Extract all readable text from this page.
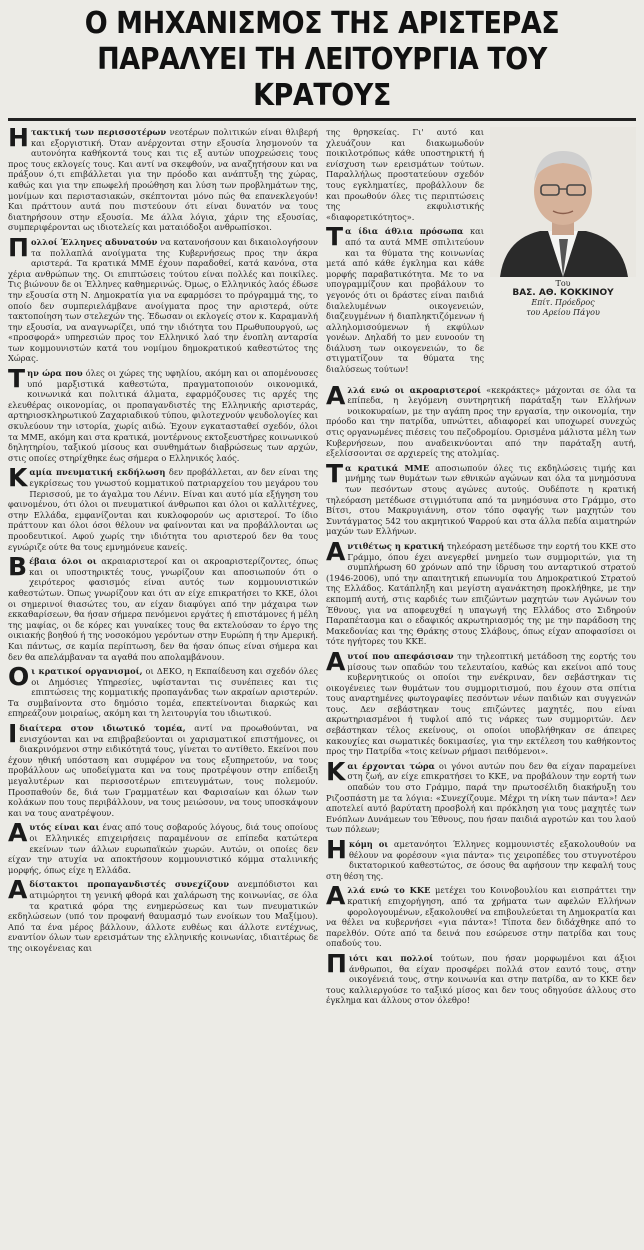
Ο ΜΗΧΑΝΙΣΜΟΣ ΤΗΣ ΑΡΙΣΤΕΡΑΣ
ΠΑΡΑΛΥΕΙ ΤΗ ΛΕΙΤΟΥΡΓΙΑ ΤΟΥ ΚΡΑΤΟΥΣ

Ητακτική των περισσοτέρων νεοτέρων πολιτικών είναι θλιβερή και εξοργιστική. Όταν ανέρχονται στην εξουσία λησμονούν τα αυτονόητα καθήκοντά τους και τις εξ αυτών υποχρεώσεις τους προς τους εκλογείς τους. Και αντί να σκεφθούν, να αναζητήσουν και να πράξουν ό,τι επιβάλλεται για την πρόοδο και ανάπτυξη της χώρας, καθώς και για την επωφελή προώθηση και λύση των προβλημάτων της, μονίμων και περιστασιακών, σκέπτονται μόνο πώς θα επανεκλεγούν! Και πράττουν αυτά που πιστεύουν ότι είναι δυνατόν να τους διατηρήσουν στην εξουσία. Με άλλα λόγια, χάριν της εξουσίας, συμπεριφέρονται ως ιδιοτελείς και ματαιόδοξοι ανθρωπίσκοι.

Πολλοί Έλληνες αδυνατούν να κατανοήσουν και δικαιολογήσουν τα πολλαπλά ανοίγματα της Κυβερνήσεως προς την άκρα αριστερά. Τα κρατικά ΜΜΕ έχουν παραδοθεί, κατά κανόνα, στα χέρια ανθρώπων της. Οι επιπτώσεις τούτου είναι πολλές και ποικίλες. Τις βιώνουν δε οι Έλληνες καθημερινώς. Όμως, ο Ελληνικός λαός έδωσε την εξουσία στη Ν. Δημοκρατία για να εφαρμόσει το πρόγραμμά της, το οποίο δεν συμπεριελάμβανε ανοίγματα προς την αριστερά, ούτε τακτοποίηση των στελεχών της. Έδωσαν οι εκλογείς στον κ. Καραμανλή την εξουσία, να αναγνωρίζει, υπό την ιδιότητα του Πρωθυπουργού, ως «προσφορά» υπηρεσιών προς τον Ελληνικό λαό την ένοπλη ανταρσία των κομμουνιστών κατά του νομίμου δημοκρατικού καθεστώτος της Χώρας.

Την ώρα που όλες οι χώρες της υφηλίου, ακόμη και οι απομένουσες υπό μαρξιστικά καθεστώτα, πραγματοποιούν οικονομικά, κοινωνικά και πολιτικά άλματα, εφαρμόζουσες τις αρχές της ελευθέρας οικονομίας, οι προπαγανδιστές της Ελληνικής αριστεράς, αρτηριοσκληρωτικού Ζαχαριαδικού τύπου, φιλοτεχνούν ψευδολογίες και σκυλεύουν την ιστορία, χωρίς αιδώ. Έχουν εγκατασταθεί σχεδόν, όλοι τα ΜΜΕ, ακόμη και στα κρατικά, μοντέρνους εκτοξευστήρες κοινωνικού δηλητηρίου, ταξικού μίσους και συνθημάτων διαβρώσεως των αρχών, στις οποίες στηρίχθηκε έως σήμερα ο Ελληνικός λαός.

Καμία πνευματική εκδήλωση δεν προβάλλεται, αν δεν είναι της εγκρίσεως του γνωστού κομματικού πατριαρχείου του μεγάρου του Περισσού, με το άγαλμα του Λένιν. Είναι και αυτό μία εξήγηση του φαινομένου, ότι όλοι οι πνευματικοί άνθρωποι και όλοι οι καλλιτέχνες, στην Ελλάδα, εμφανίζονται και κυκλοφορούν ως αριστεροί. Το ίδιο πράττουν και όλοι όσοι θέλουν να φαίνονται και να προβάλλονται ως προοδευτικοί. Αφού χωρίς την ιδιότητα του αριστερού δεν θα τους εγνώριζε ούτε θα τους εμνημόνευε κανείς.

Βέβαια όλοι οι ακραιαριστεροί και οι ακροαριστερίζοντες, όπως και οι υποστηρικτές τους, γνωρίζουν και αποσιωπούν ότι ο χειρότερος φασισμός είναι αυτός των κομμουνιστικών καθεστώτων. Όπως γνωρίζουν και ότι αν είχε επικρατήσει το ΚΚΕ, όλοι οι σημερινοί θιασώτες του, αν είχαν διαφύγει από την μάχαιρα των εκκαθαρίσεων, θα ήσαν σήμερα πενόμενοι εργάτες ή επιστάμονες ή μέλη της μαφίας, οι δε κόρες και γυναίκες τους θα εκτελούσαν το έργο της οικιακής βοηθού ή της νοσοκόμου γερόντων στην Ευρώπη ή την Αμερική. Και πάντως, σε καμία περίπτωση, δεν θα ήσαν όπως είναι σήμερα και δεν θα απελάμβαναν τα αγαθά που απολαμβάνουν.

Οι κρατικοί οργανισμοί, οι ΔΕΚΟ, η Εκπαίδευση και σχεδόν όλες οι Δημόσιες Υπηρεσίες, υφίστανται τις συνέπειες και τις επιπτώσεις της κομματικής προπαγάνδας των ακραίων αριστερών. Τα συμβαίνοντα στο δημόσιο τομέα, επεκτείνονται διαρκώς και επηρεάζουν μοιραίως, ακόμη και τη λειτουργία του ιδιωτικού.

Ιδιαίτερα στον ιδιωτικό τομέα, αντί να προωθούνται, να ενισχύονται και να επιβραβεύονται οι χαρισματικοί επιστήμονες, οι διακρινόμενοι στην ειδικότητά τους, γίνεται το αντίθετο. Εκείνοι που έχουν ηθική υπόσταση και συμφέρον να τους εξυπηρετούν, να τους προβάλλουν ως υποδείγματα και να τους προτρέψουν στην επίδειξη μεγαλυτέρων και περισσοτέρων επιτευγμάτων, τους πολεμούν. Προσπαθούν δε, διά των Γραμματέων και Φαρισαίων και όλων των κολάκων που τους περιβάλλουν, να τους μειώσουν, να τους υποσκάψουν και να τους ανατρέψουν.

Αυτός είναι και ένας από τους σοβαρούς λόγους, διά τους οποίους οι Ελληνικές επιχειρήσεις παραμένουν σε επίπεδα κατώτερα εκείνων των άλλων ευρωπαϊκών χωρών. Αυτών, οι οποίες δεν είχαν την ατυχία να αποκτήσουν κομμουνιστικό κόμμα σταλινικής μορφής, όπως είχε η Ελλάδα.

Αδίστακτοι προπαγανδιστές συνεχίζουν ανεμπόδιστοι και ατιμώρητοι τη γενική φθορά και χαλάρωση της κοινωνίας, σε όλα τα κρατικά φόρα της ενημερώσεως και των πνευματικών εκδηλώσεων (υπό τον προφανή θαυμασμό των ενοίκων του Μαξίμου). Από τα ένα μέρος βάλλουν, άλλοτε ευθέως και άλλοτε εντέχνως, εναντίον όλων των ερεισμάτων της ελληνικής κοινωνίας, ιδιαιτέρως δε της οικογένειας και

της θρησκείας. Γι' αυτό και χλευάζουν και διακωμωδούν ποικιλοτρόπως κάθε υποστηρικτή ή ενίσχυση των ερεισμάτων τούτων. Παραλλήλως προστατεύουν σχεδόν τους εγκληματίες, προβάλλουν δε και προωθούν όλες τις περιπτώσεις της εκφυλιστικής «διαφορετικότητος».

Τα ίδια άθλια πρόσωπα και από τα αυτά ΜΜΕ σπιλιτεύουν και τα θύματα της κοινωνίας μετά από κάθε έγκλημα και κάθε μορφής παραβατικότητα. Με το να υπογραμμίζουν και προβάλουν το γεγονός ότι οι δράστες είναι παιδιά διαλελυμένων οικογενειών, διαζευγμένων ή διαπληκτιζόμενων ή αλληλομισούμενων ή εκφύλων γονέων. Δηλαδή το μεν ευνοούν τη διάλυση των οικογενειών, το δε στιγματίζουν τα θύματα της διαλύσεως τούτων!

Του
ΒΑΣ. ΑΘ. ΚΟΚΚΙΝΟΥ
Επίτ. Πρόεδρος
του Αρείου Πάγου

Αλλά ενώ οι ακροαριστεροί «κεκράκτες» μάχονται σε όλα τα επίπεδα, η λεγόμενη συντηρητική παράταξη των Ελλήνων νοικοκυραίων, με την αγάπη προς την εργασία, την οικονομία, την πρόοδο και την πατρίδα, υπνώττει, αδιαφορεί και υποχωρεί συνεχώς στις οργανωμένες πιέσεις του πεζοδρομίου. Ορισμένα μάλιστα μέλη των Κυβερνήσεων, που αναδεικνύονται από την παράταξη αυτή, εξελίσσονται σε αρχιερείς της ατολμίας.

Τα κρατικά ΜΜΕ αποσιωπούν όλες τις εκδηλώσεις τιμής και μνήμης των θυμάτων των εθνικών αγώνων και όλα τα μνημόσυνα των πεσόντων στους αγώνες αυτούς. Ουδέποτε η κρατική τηλεόραση μετέδωσε στιγμιότυπα από τα μνημόσυνα στο Γράμμο, στο Βίτσι, στου Μακρυγιάννη, στον τόπο σφαγής των μαχητών του Συντάγματος 542 του ακμητικού Ψαρρού και στα άλλα πεδία αιματηρών μαχών των Ελλήνων.

Αντιθέτως η κρατική τηλεόραση μετέδωσε την εορτή του ΚΚΕ στο Γράμμο, όπου έχει ανεγερθεί μνημείο των συμμοριτών, για τη συμπλήρωση 60 χρόνων από την ίδρυση του ανταρτικού στρατού (1946-2006), υπό την απαιτητική επωνυμία του Δημοκρατικού Στρατού της Ελλάδος. Κατάπληξη και μεγίστη αγανάκτηση προκλήθηκε, με την εκπομπή αυτή, στις καρδιές των επιζώντων μαχητών των Αγώνων του Έθνους, για να αποφευχθεί η υπαγωγή της Ελλάδος στο Σιδηρούν Παραπέτασμα και ο εδαφικός ακρωτηριασμός της με την παράδοση της Μακεδονίας και της Θράκης στους Σλάβους, όπως είχαν αποφασίσει οι τότε ηγήτορες του ΚΚΕ.

Αυτοί που απεφάσισαν την τηλεοπτική μετάδοση της εορτής του μίσους των οπαδών του τελευταίου, καθώς και εκείνοι από τους κυβερνητικούς οι οποίοι την ενέκριναν, δεν σεβάστηκαν τις οικογένειες των θυμάτων του συμμοριτισμού, που έχουν στα σπίτια τους αναρτημένες φωτογραφίες πεσόντων νέων παιδιών και συγγενών τους. Δεν σεβάστηκαν τους επιζώντες μαχητές, που είναι ακρωτηριασμένοι ή τυφλοί από τις νάρκες των συμμοριτών. Δεν σεβάστηκαν τέλος εκείνους, οι οποίοι υποβλήθηκαν σε άπειρες κακουχίες και σωματικές δοκιμασίες, για την εκτέλεση του καθήκοντος προς την Πατρίδα «τοις κείνων ρήμασι πειθόμενοι».

Και έρχονται τώρα οι γόνοι αυτών που δεν θα είχαν παραμείνει στη ζωή, αν είχε επικρατήσει το ΚΚΕ, να προβάλουν την εορτή των οπαδών του στο Γράμμο, παρά την πρωτοσέλιδη διακήρυξη του Ριζοσπάστη με τα λόγια: «Συνεχίζουμε. Μέχρι τη νίκη των πάντα»! Δεν αποτελεί αυτό βαρύτατη προσβολή και πρόκληση για τους μαχητές των Ενόπλων Δυνάμεων του Έθνους, που ήσαν παιδιά αγροτών και του λαού των πόλεων;

Ηκόμη οι αμετανόητοι Έλληνες κομμουνιστές εξακολουθούν να θέλουν να φορέσουν «για πάντα» τις χειροπέδες του στυγνοτέρου δικτατορικού καθεστώτος, σε όσους θα αφήσουν την κεφαλή τους στη θέση της.

Αλλά ενώ το ΚΚΕ μετέχει του Κοινοβουλίου και εισπράττει την κρατική επιχορήγηση, από τα χρήματα των αφελών Ελλήνων φορολογουμένων, εξακολουθεί να επιβουλεύεται τη Δημοκρατία και να θέλει να κυβερνήσει «για πάντα»! Τίποτα δεν διδάχθηκε από το παρελθόν. Ούτε από τα δεινά που εσώρευσε στην πατρίδα και τους οπαδούς του.

Πιότι και πολλοί τούτων, που ήσαν μορφωμένοι και άξιοι άνθρωποι, θα είχαν προσφέρει πολλά στον εαυτό τους, στην οικογένειά τους, στην κοινωνία και στην πατρίδα, αν το ΚΚΕ δεν τους καλλιεργούσε το ταξικό μίσος και δεν τους οδηγούσε άλλους στο έγκλημα και άλλους στον όλεθρο!
